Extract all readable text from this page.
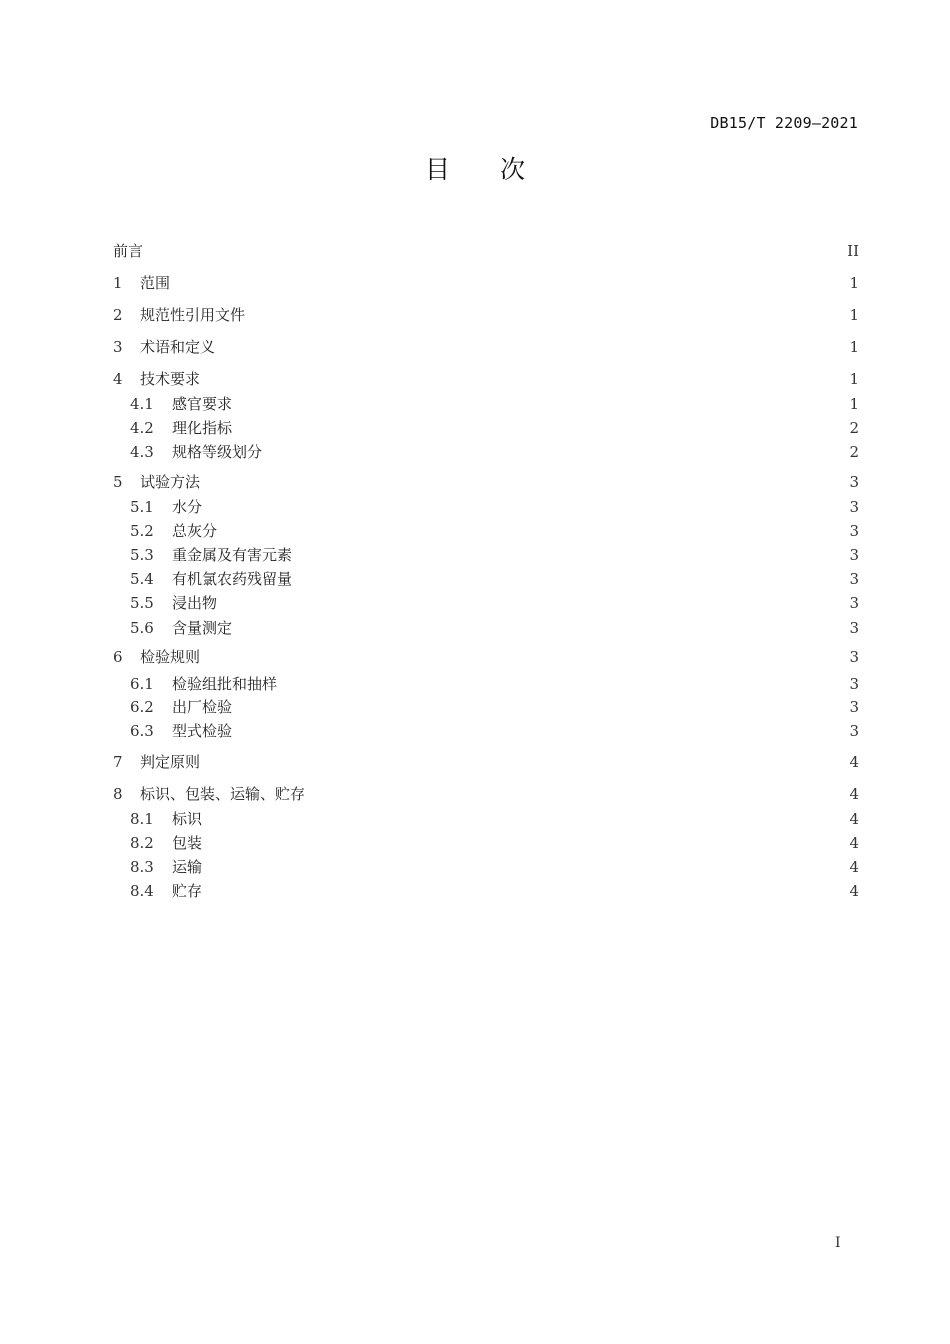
DB15/T 2209—2021
目 次
前言	II
1	范围	1
2	规范性引用文件	1
3	术语和定义	1
4	技术要求	1
4.1	感官要求	1
4.2	理化指标	2
4.3	规格等级划分	2
5	试验方法	3
5.1	水分	3
5.2	总灰分	3
5.3	重金属及有害元素	3
5.4	有机氯农药残留量	3
5.5	浸出物	3
5.6	含量测定	3
6	检验规则	3
6.1	检验组批和抽样	3
6.2	出厂检验	3
6.3	型式检验	3
7	判定原则	4
8	标识、包装、运输、贮存	4
8.1	标识	4
8.2	包装	4
8.3	运输	4
8.4	贮存	4
I
